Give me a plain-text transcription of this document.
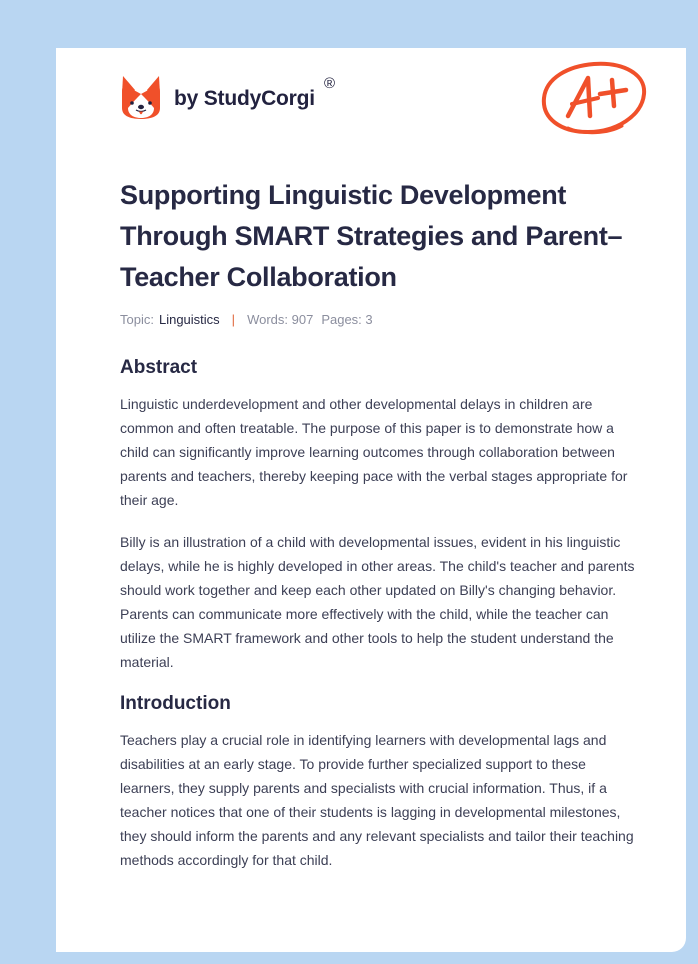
by StudyCorgi
®
Supporting Linguistic Development Through SMART Strategies and Parent–Teacher Collaboration
Topic: Linguistics | Words: 907 Pages: 3
Abstract

Linguistic underdevelopment and other developmental delays in children are common and often treatable. The purpose of this paper is to demonstrate how a child can significantly improve learning outcomes through collaboration between parents and teachers, thereby keeping pace with the verbal stages appropriate for their age.

Billy is an illustration of a child with developmental issues, evident in his linguistic delays, while he is highly developed in other areas. The child's teacher and parents should work together and keep each other updated on Billy's changing behavior. Parents can communicate more effectively with the child, while the teacher can utilize the SMART framework and other tools to help the student understand the material.

Introduction

Teachers play a crucial role in identifying learners with developmental lags and disabilities at an early stage. To provide further specialized support to these learners, they supply parents and specialists with crucial information. Thus, if a teacher notices that one of their students is lagging in developmental milestones, they should inform the parents and any relevant specialists and tailor their teaching methods accordingly for that child.
